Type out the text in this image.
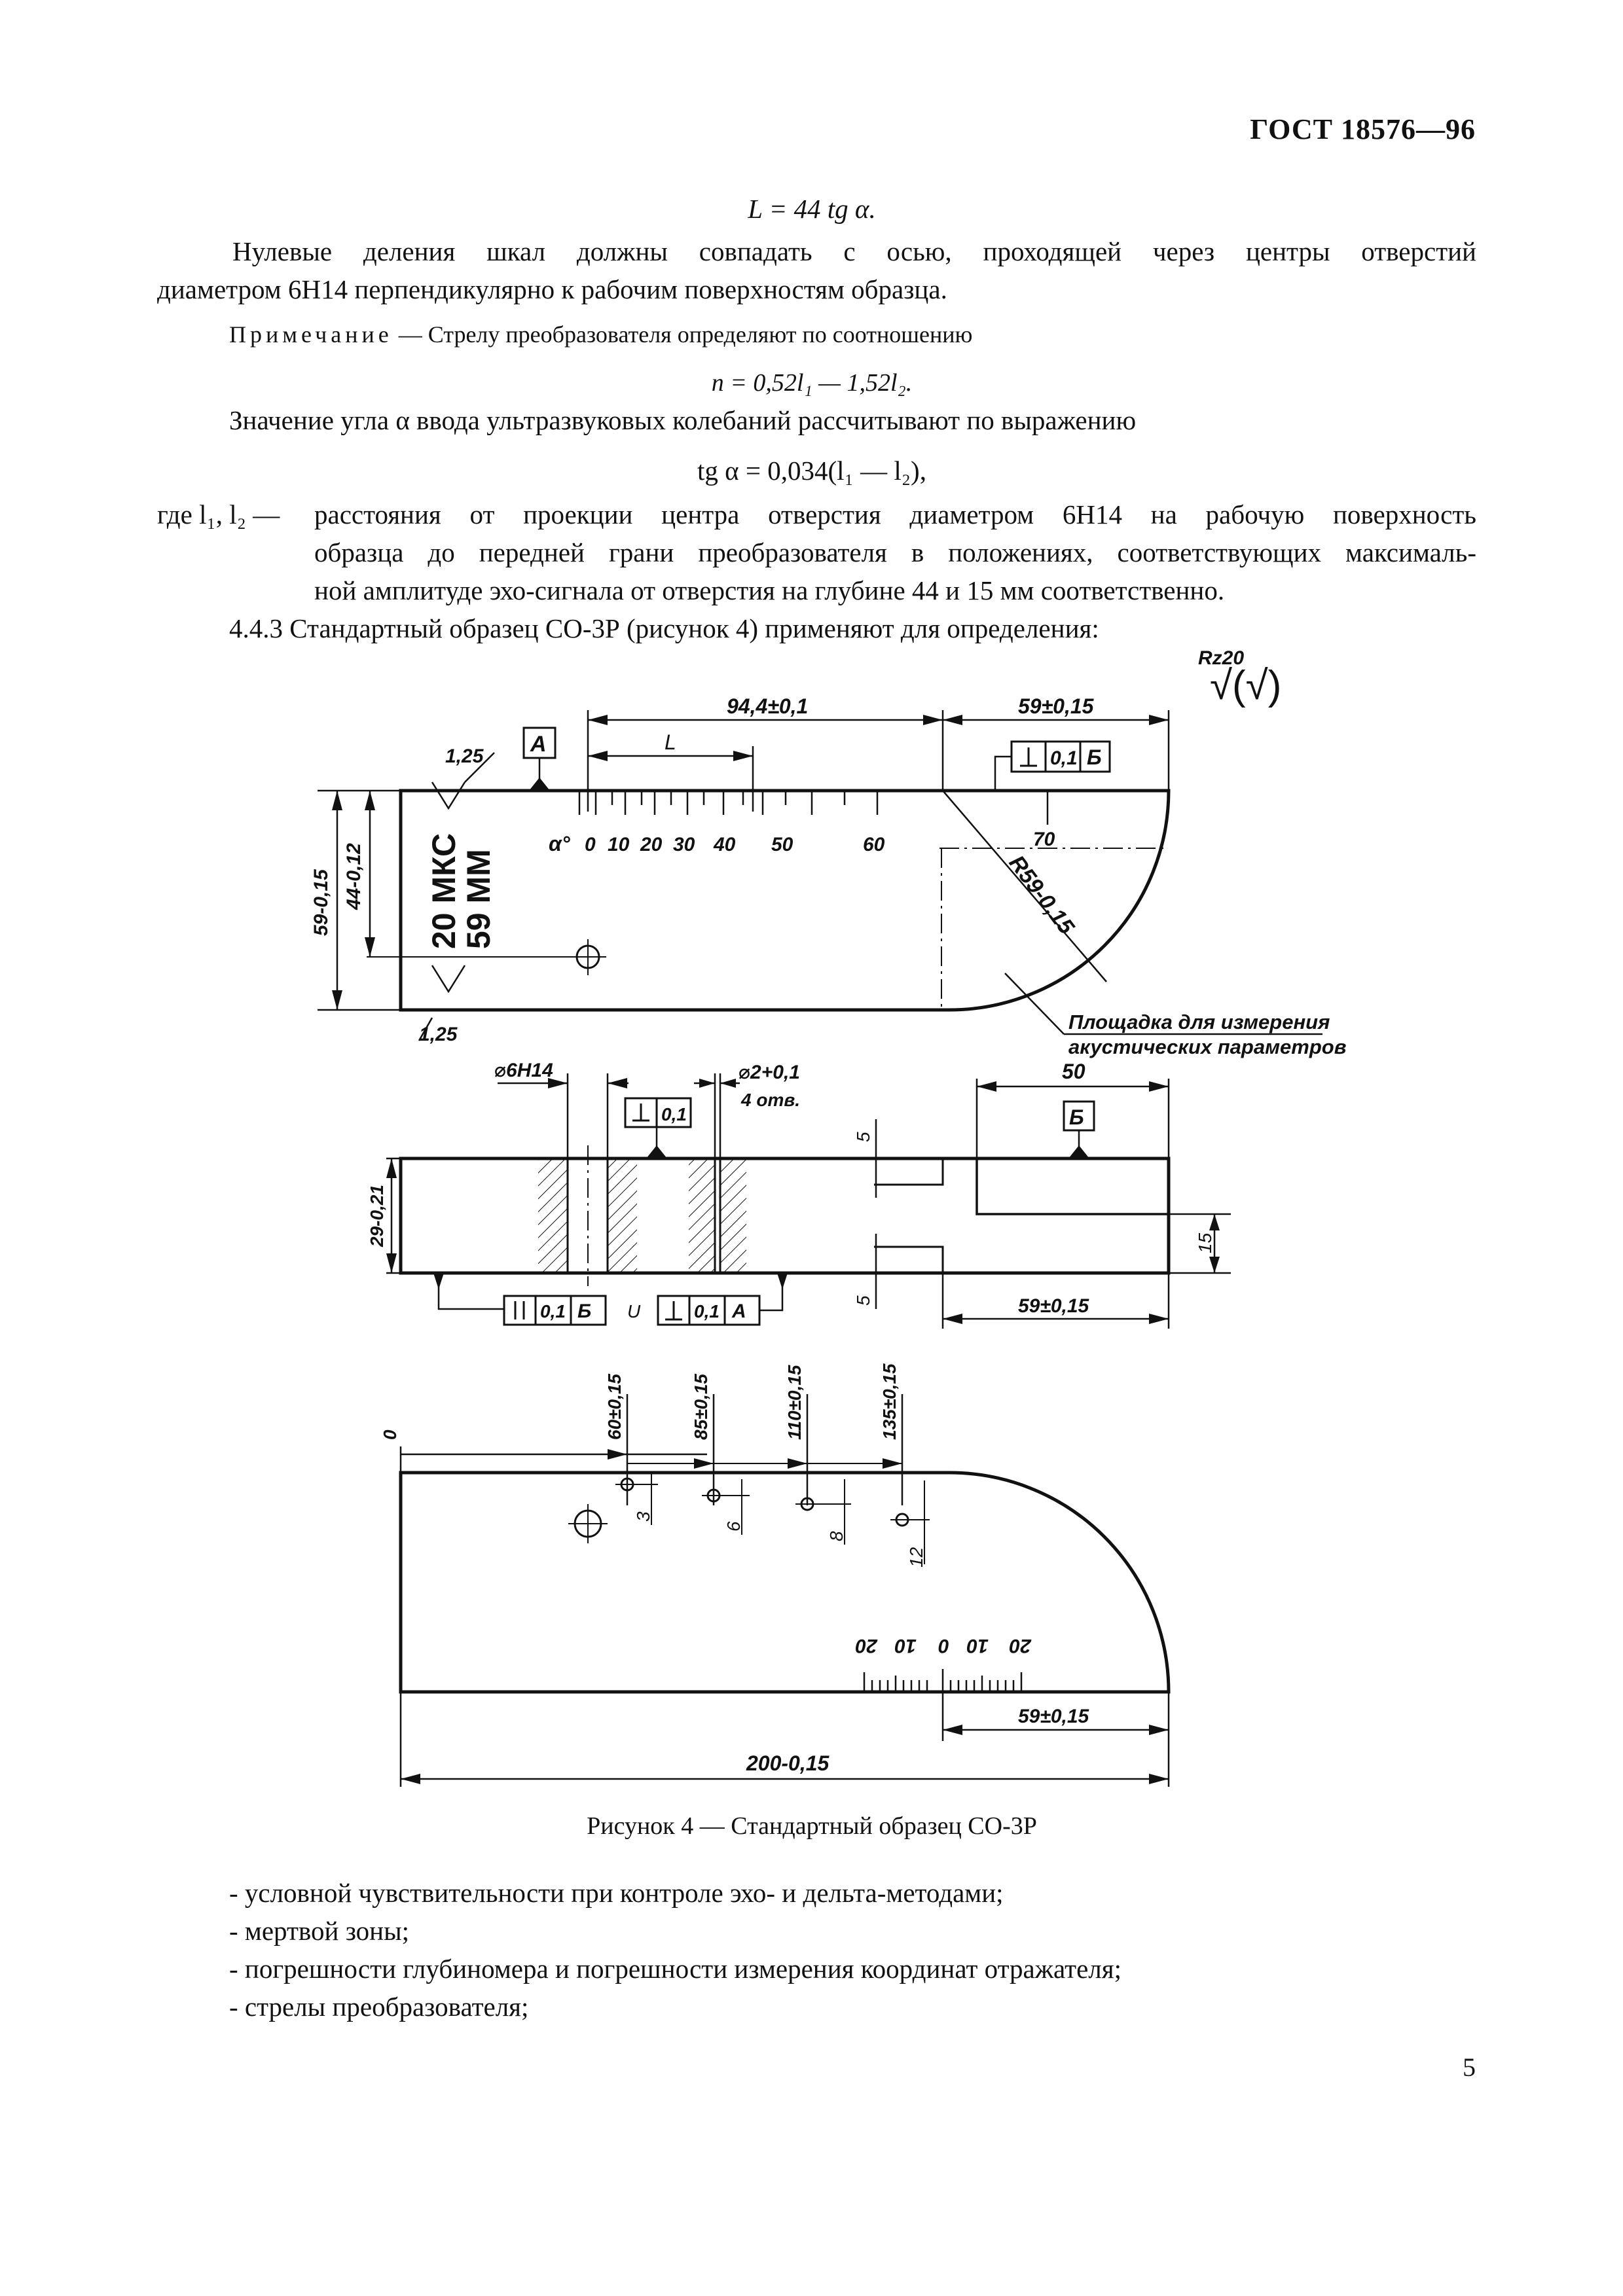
ГОСТ 18576—96
L = 44 tg α.
Нулевые деления шкал должны совпадать с осью, проходящей через центры отверстий
диаметром 6Н14 перпендикулярно к рабочим поверхностям образца.
Примечание — Стрелу преобразователя определяют по соотношению
n = 0,52l₁ — 1,52l₂.
Значение угла α ввода ультразвуковых колебаний рассчитывают по выражению
tg α = 0,034(l₁ — l₂),
где l₁, l₂ — расстояния от проекции центра отверстия диаметром 6Н14 на рабочую поверхность
образца до передней грани преобразователя в положениях, соответствующих максималь-
ной амплитуде эхо-сигнала от отверстия на глубине 44 и 15 мм соответственно.
4.4.3 Стандартный образец СО-3Р (рисунок 4) применяют для определения:
Rz20
√(√)
R59-0,15
Площадка для измерения
акустических параметров
94,4±0,1	59±0,15
L
А
0,1 Б
1,25
1,25
α° 0 10 20 30 40 50	60	70
20 МКС
59 ММ
59-0,15 44-0,12
50
Б
⌀6Н14	⌀2+0,1
4 отв.
0,1
5
5
15
59±0,15
29-0,21
0,1 Б U	0,1 А
0	60±0,15	85±0,15	110±0,15	135±0,15
3
6
8
12
20 10 0 10 20
59±0,15
200-0,15
Рисунок 4 — Стандартный образец СО-3Р
- условной чувствительности при контроле эхо- и дельта-методами;
- мертвой зоны;
- погрешности глубиномера и погрешности измерения координат отражателя;
- стрелы преобразователя;
5
